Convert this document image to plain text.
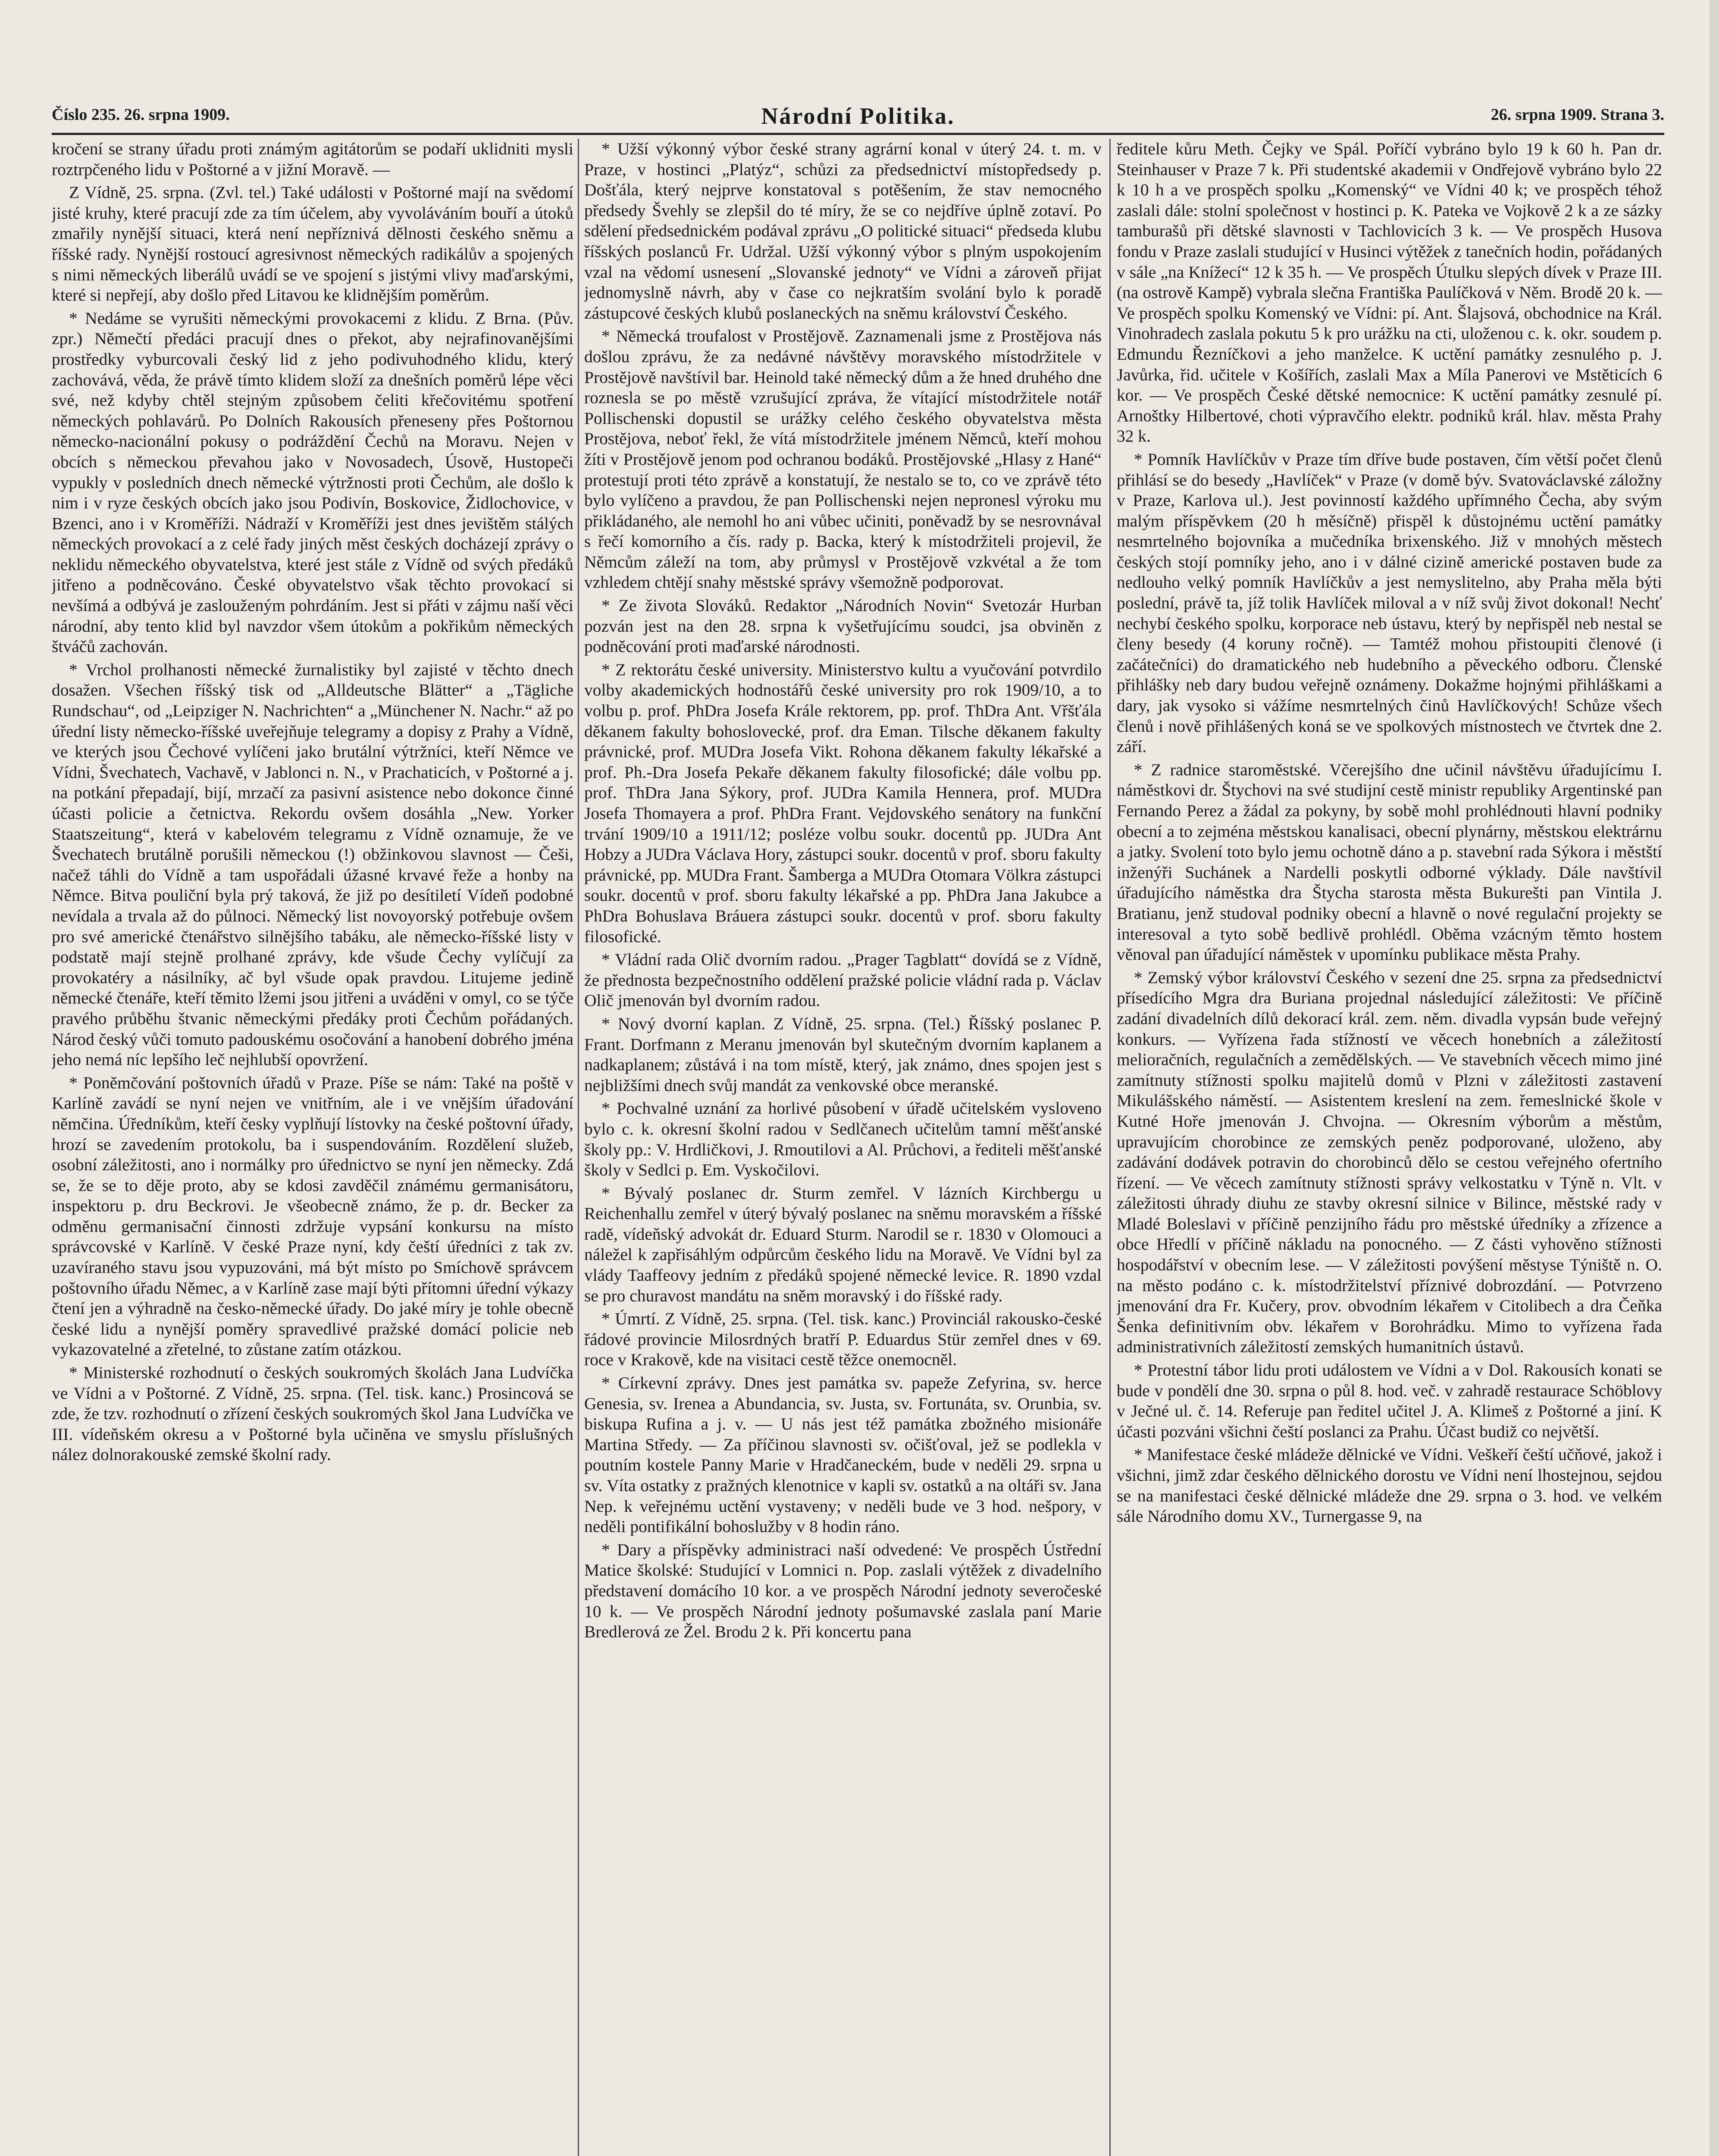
Číslo 235. 26. srpna 1909.	Národní Politika.	26. srpna 1909. Strana 3.

kročení se strany úřadu proti známým agitátorům se podaří uklidniti mysli roztrpčeného lidu v Poštorné a v jižní Moravě. —

Z Vídně, 25. srpna. (Zvl. tel.) Také události v Poštorné mají na svědomí jisté kruhy, které pracují zde za tím účelem, aby vyvoláváním bouří a útoků zmařily nynější situaci, která není nepříznivá dělnosti českého sněmu a říšské rady. Nynější rostoucí agresivnost německých radikálův a spojených s nimi německých liberálů uvádí se ve spojení s jistými vlivy maďarskými, které si nepřejí, aby došlo před Litavou ke klidnějším poměrům.

* Nedáme se vyrušiti německými provokacemi z klidu. Z Brna. (Pův. zpr.) Němečtí předáci pracují dnes o překot, aby nejrafinovanějšími prostředky vyburcovali český lid z jeho podivuhodného klidu, který zachovává, věda, že právě tímto klidem složí za dnešních poměrů lépe věci své, než kdyby chtěl stejným způsobem čeliti křečovitému spotření německých pohlavárů. Po Dolních Rakousích přeneseny přes Poštornou německo-nacionální pokusy o podráždění Čechů na Moravu. Nejen v obcích s německou převahou jako v Novosadech, Úsově, Hustopeči vypukly v posledních dnech německé výtržnosti proti Čechům, ale došlo k nim i v ryze českých obcích jako jsou Podivín, Boskovice, Židlochovice, v Bzenci, ano i v Kroměříži. Nádraží v Kroměříži jest dnes jevištěm stálých německých provokací a z celé řady jiných měst českých docházejí zprávy o neklidu německého obyvatelstva, které jest stále z Vídně od svých předáků jitřeno a podněcováno. České obyvatelstvo však těchto provokací si nevšímá a odbývá je zaslouženým pohrdáním. Jest si přáti v zájmu naší věci národní, aby tento klid byl navzdor všem útokům a pokřikům německých štváčů zachován.

* Vrchol prolhanosti německé žurnalistiky byl zajisté v těchto dnech dosažen. Všechen říšský tisk od „Alldeutsche Blätter“ a „Tägliche Rundschau“, od „Leipziger N. Nachrichten“ a „Münchener N. Nachr.“ až po úřední listy německo-říšské uveřejňuje telegramy a dopisy z Prahy a Vídně, ve kterých jsou Čechové vylíčeni jako brutální výtržníci, kteří Němce ve Vídni, Švechatech, Vachavě, v Jablonci n. N., v Prachaticích, v Poštorné a j. na potkání přepadají, bijí, mrzačí za pasivní asistence nebo dokonce činné účasti policie a četnictva. Rekordu ovšem dosáhla „New. Yorker Staatszeitung“, která v kabelovém telegramu z Vídně oznamuje, že ve Švechatech brutálně porušili německou (!) obžinkovou slavnost — Češi, načež táhli do Vídně a tam uspořádali úžasné krvavé řeže a honby na Němce. Bitva pouliční byla prý taková, že již po desítiletí Vídeň podobné nevídala a trvala až do půlnoci. Německý list novoyorský potřebuje ovšem pro své americké čtenářstvo silnějšího tabáku, ale německo-říšské listy v podstatě mají stejně prolhané zprávy, kde všude Čechy vylíčují za provokatéry a násilníky, ač byl všude opak pravdou. Litujeme jedině německé čtenáře, kteří těmito lžemi jsou jitřeni a uváděni v omyl, co se týče pravého průběhu štvanic německými předáky proti Čechům pořádaných. Národ český vůči tomuto padouskému osočování a hanobení dobrého jména jeho nemá níc lepšího leč nejhlubší opovržení.

* Poněmčování poštovních úřadů v Praze. Píše se nám: Také na poště v Karlíně zavádí se nyní nejen ve vnitřním, ale i ve vnějším úřadování němčina. Úředníkům, kteří česky vyplňují lístovky na české poštovní úřady, hrozí se zavedením protokolu, ba i suspendováním. Rozdělení služeb, osobní záležitosti, ano i normálky pro úřednictvo se nyní jen německy. Zdá se, že se to děje proto, aby se kdosi zavděčil známému germanisátoru, inspektoru p. dru Beckrovi. Je všeobecně známo, že p. dr. Becker za odměnu germanisační činnosti zdržuje vypsání konkursu na místo správcovské v Karlíně. V české Praze nyní, kdy čeští úředníci z tak zv. uzavíraného stavu jsou vypuzováni, má být místo po Smíchově správcem poštovního úřadu Němec, a v Karlíně zase mají býti přítomni úřední výkazy čtení jen a výhradně na česko-německé úřady. Do jaké míry je tohle obecně české lidu a nynější poměry spravedlivé pražské domácí policie neb vykazovatelné a zřetelné, to zůstane zatím otázkou.

* Ministerské rozhodnutí o českých soukromých školách Jana Ludvíčka ve Vídni a v Poštorné. Z Vídně, 25. srpna. (Tel. tisk. kanc.) Prosincová se zde, že tzv. rozhodnutí o zřízení českých soukromých škol Jana Ludvíčka ve III. vídeňském okresu a v Poštorné byla učiněna ve smyslu příslušných nález dolnorakouské zemské školní rady.

* Užší výkonný výbor české strany agrární konal v úterý 24. t. m. v Praze, v hostinci „Platýz“, schůzi za předsednictví místopředsedy p. Došťála, který nejprve konstatoval s potěšením, že stav nemocného předsedy Švehly se zlepšil do té míry, že se co nejdříve úplně zotaví. Po sdělení předsednickém podával zprávu „O politické situaci“ předseda klubu říšských poslanců Fr. Udržal. Užší výkonný výbor s plným uspokojením vzal na vědomí usnesení „Slovanské jednoty“ ve Vídni a zároveň přijat jednomyslně návrh, aby v čase co nejkratším svolání bylo k poradě zástupcové českých klubů poslaneckých na sněmu království Českého.

* Německá troufalost v Prostějově. Zaznamenali jsme z Prostějova nás došlou zprávu, že za nedávné návštěvy moravského místodržitele v Prostějově navštívil bar. Heinold také německý dům a že hned druhého dne roznesla se po městě vzrušující zpráva, že vítající místodržitele notář Pollischenski dopustil se urážky celého českého obyvatelstva města Prostějova, neboť řekl, že vítá místodržitele jménem Němců, kteří mohou žíti v Prostějově jenom pod ochranou bodáků. Prostějovské „Hlasy z Hané“ protestují proti této zprávě a konstatují, že nestalo se to, co ve zprávě této bylo vylíčeno a pravdou, že pan Pollischenski nejen nepronesl výroku mu přikládaného, ale nemohl ho ani vůbec učiniti, poněvadž by se nesrovnával s řečí komorního a čís. rady p. Backa, který k místodržiteli projevil, že Němcům záleží na tom, aby průmysl v Prostějově vzkvétal a že tom vzhledem chtějí snahy městské správy všemožně podporovat.

* Ze života Slováků. Redaktor „Národních Novin“ Svetozár Hurban pozván jest na den 28. srpna k vyšetřujícímu soudci, jsa obviněn z podněcování proti maďarské národnosti.

* Z rektorátu české university. Ministerstvo kultu a vyučování potvrdilo volby akademických hodnostářů české university pro rok 1909/10, a to volbu p. prof. PhDra Josefa Krále rektorem, pp. prof. ThDra Ant. Vřšťála děkanem fakulty bohoslovecké, prof. dra Eman. Tilsche děkanem fakulty právnické, prof. MUDra Josefa Vikt. Rohona děkanem fakulty lékařské a prof. Ph.-Dra Josefa Pekaře děkanem fakulty filosofické; dále volbu pp. prof. ThDra Jana Sýkory, prof. JUDra Kamila Hennera, prof. MUDra Josefa Thomayera a prof. PhDra Frant. Vejdovského senátory na funkční trvání 1909/10 a 1911/12; posléze volbu soukr. docentů pp. JUDra Ant Hobzy a JUDra Václava Hory, zástupci soukr. docentů v prof. sboru fakulty právnické, pp. MUDra Frant. Šamberga a MUDra Otomara Völkra zástupci soukr. docentů v prof. sboru fakulty lékařské a pp. PhDra Jana Jakubce a PhDra Bohuslava Bráuera zástupci soukr. docentů v prof. sboru fakulty filosofické.

* Vládní rada Olič dvorním radou. „Prager Tagblatt“ dovídá se z Vídně, že přednosta bezpečnostního oddělení pražské policie vládní rada p. Václav Olič jmenován byl dvorním radou.

* Nový dvorní kaplan. Z Vídně, 25. srpna. (Tel.) Říšský poslanec P. Frant. Dorfmann z Meranu jmenován byl skutečným dvorním kaplanem a nadkaplanem; zůstává i na tom místě, který, jak známo, dnes spojen jest s nejbližšími dnech svůj mandát za venkovské obce meranské.

* Pochvalné uznání za horlivé působení v úřadě učitelském vysloveno bylo c. k. okresní školní radou v Sedlčanech učitelům tamní měšťanské školy pp.: V. Hrdličkovi, J. Rmoutilovi a Al. Průchovi, a řediteli měšťanské školy v Sedlci p. Em. Vyskočilovi.

* Bývalý poslanec dr. Sturm zemřel. V lázních Kirchbergu u Reichenhallu zemřel v úterý bývalý poslanec na sněmu moravském a říšské radě, vídeňský advokát dr. Eduard Sturm. Narodil se r. 1830 v Olomouci a náležel k zapřisáhlým odpůrcům českého lidu na Moravě. Ve Vídni byl za vlády Taaffeovy jedním z předáků spojené německé levice. R. 1890 vzdal se pro churavost mandátu na sněm moravský i do říšské rady.

* Úmrtí. Z Vídně, 25. srpna. (Tel. tisk. kanc.) Provinciál rakousko-české řádové provincie Milosrdných bratří P. Eduardus Stür zemřel dnes v 69. roce v Krakově, kde na visitaci cestě těžce onemocněl.

* Církevní zprávy. Dnes jest památka sv. papeže Zefyrina, sv. herce Genesia, sv. Irenea a Abundancia, sv. Justa, sv. Fortunáta, sv. Orunbia, sv. biskupa Rufina a j. v. — U nás jest též památka zbožného misionáře Martina Středy. — Za příčinou slavnosti sv. očišťoval, jež se podlekla v poutním kostele Panny Marie v Hradčaneckém, bude v neděli 29. srpna u sv. Víta ostatky z pražných klenotnice v kapli sv. ostatků a na oltáři sv. Jana Nep. k veřejnému uctění vystaveny; v neděli bude ve 3 hod. nešpory, v neděli pontifikální bohoslužby v 8 hodin ráno.

* Dary a příspěvky administraci naší odvedené: Ve prospěch Ústřední Matice školské: Studující v Lomnici n. Pop. zaslali výtěžek z divadelního představení domácího 10 kor. a ve prospěch Národní jednoty severočeské 10 k. — Ve prospěch Národní jednoty pošumavské zaslala paní Marie Bredlerová ze Žel. Brodu 2 k. Při koncertu pana

ředitele kůru Meth. Čejky ve Spál. Poříčí vybráno bylo 19 k 60 h. Pan dr. Steinhauser v Praze 7 k. Při studentské akademii v Ondřejově vybráno bylo 22 k 10 h a ve prospěch spolku „Komenský“ ve Vídni 40 k; ve prospěch téhož zaslali dále: stolní společnost v hostinci p. K. Pateka ve Vojkově 2 k a ze sázky tamburašů při dětské slavnosti v Tachlovicích 3 k. — Ve prospěch Husova fondu v Praze zaslali studující v Husinci výtěžek z tanečních hodin, pořádaných v sále „na Knížecí“ 12 k 35 h. — Ve prospěch Útulku slepých dívek v Praze III. (na ostrově Kampě) vybrala slečna Františka Paulíčková v Něm. Brodě 20 k. — Ve prospěch spolku Komenský ve Vídni: pí. Ant. Šlajsová, obchodnice na Král. Vinohradech zaslala pokutu 5 k pro urážku na cti, uloženou c. k. okr. soudem p. Edmundu Řezníčkovi a jeho manželce. K uctění památky zesnulého p. J. Javůrka, řid. učitele v Košířích, zaslali Max a Míla Panerovi ve Mstěticích 6 kor. — Ve prospěch České dětské nemocnice: K uctění památky zesnulé pí. Arnoštky Hilbertové, choti výpravčího elektr. podniků král. hlav. města Prahy 32 k.

* Pomník Havlíčkův v Praze tím dříve bude postaven, čím větší počet členů přihlásí se do besedy „Havlíček“ v Praze (v domě býv. Svatováclavské záložny v Praze, Karlova ul.). Jest povinností každého upřímného Čecha, aby svým malým příspěvkem (20 h měsíčně) přispěl k důstojnému uctění památky nesmrtelného bojovníka a mučedníka brixenského. Již v mnohých městech českých stojí pomníky jeho, ano i v dálné cizině americké postaven bude za nedlouho velký pomník Havlíčkův a jest nemyslitelno, aby Praha měla býti poslední, právě ta, jíž tolik Havlíček miloval a v níž svůj život dokonal! Nechť nechybí českého spolku, korporace neb ústavu, který by nepřispěl neb nestal se členy besedy (4 koruny ročně). — Tamtéž mohou přistoupiti členové (i začátečníci) do dramatického neb hudebního a pěveckého odboru. Členské přihlášky neb dary budou veřejně oznámeny. Dokažme hojnými přihláškami a dary, jak vysoko si vážíme nesmrtelných činů Havlíčkových! Schůze všech členů i nově přihlášených koná se ve spolkových místnostech ve čtvrtek dne 2. září.

* Z radnice staroměstské. Včerejšího dne učinil návštěvu úřadujícímu I. náměstkovi dr. Štychovi na své studijní cestě ministr republiky Argentinské pan Fernando Perez a žádal za pokyny, by sobě mohl prohlédnouti hlavní podniky obecní a to zejména městskou kanalisaci, obecní plynárny, městskou elektrárnu a jatky. Svolení toto bylo jemu ochotně dáno a p. stavební rada Sýkora i městští inženýři Suchánek a Nardelli poskytli odborné výklady. Dále navštívil úřadujícího náměstka dra Štycha starosta města Bukurešti pan Vintila J. Bratianu, jenž studoval podniky obecní a hlavně o nové regulační projekty se interesoval a tyto sobě bedlivě prohlédl. Oběma vzácným těmto hostem věnoval pan úřadující náměstek v upomínku publikace města Prahy.

* Zemský výbor království Českého v sezení dne 25. srpna za předsednictví přísedícího Mgra dra Buriana projednal následující záležitosti: Ve příčině zadání divadelních dílů dekorací král. zem. něm. divadla vypsán bude veřejný konkurs. — Vyřízena řada stížností ve věcech honebních a záležitostí melioračních, regulačních a zemědělských. — Ve stavebních věcech mimo jiné zamítnuty stížnosti spolku majitelů domů v Plzni v záležitosti zastavení Mikulášského náměstí. — Asistentem kreslení na zem. řemeslnické škole v Kutné Hoře jmenován J. Chvojna. — Okresním výborům a městům, upravujícím chorobince ze zemských peněz podporované, uloženo, aby zadávání dodávek potravin do chorobinců dělo se cestou veřejného ofertního řízení. — Ve věcech zamítnuty stížnosti správy velkostatku v Týně n. Vlt. v záležitosti úhrady diuhu ze stavby okresní silnice v Bilince, městské rady v Mladé Boleslavi v příčině penzijního řádu pro městské úředníky a zřízence a obce Hředlí v příčině nákladu na ponocného. — Z části vyhověno stížnosti hospodářství v obecním lese. — V záležitosti povýšení městyse Týniště n. O. na město podáno c. k. místodržitelství příznivé dobrozdání. — Potvrzeno jmenování dra Fr. Kučery, prov. obvodním lékařem v Citolibech a dra Čeňka Šenka definitivním obv. lékařem v Borohrádku. Mimo to vyřízena řada administrativních záležitostí zemských humanitních ústavů.

* Protestní tábor lidu proti událostem ve Vídni a v Dol. Rakousích konati se bude v pondělí dne 30. srpna o půl 8. hod. več. v zahradě restaurace Schöblovy v Ječné ul. č. 14. Referuje pan ředitel učitel J. A. Klimeš z Poštorné a jiní. K účasti pozváni všichni čeští poslanci za Prahu. Účast budiž co největší.

* Manifestace české mládeže dělnické ve Vídni. Veškeří čeští učňové, jakož i všichni, jimž zdar českého dělnického dorostu ve Vídni není lhostejnou, sejdou se na manifestaci české dělnické mládeže dne 29. srpna o 3. hod. ve velkém sále Národního domu XV., Turnergasse 9, na
